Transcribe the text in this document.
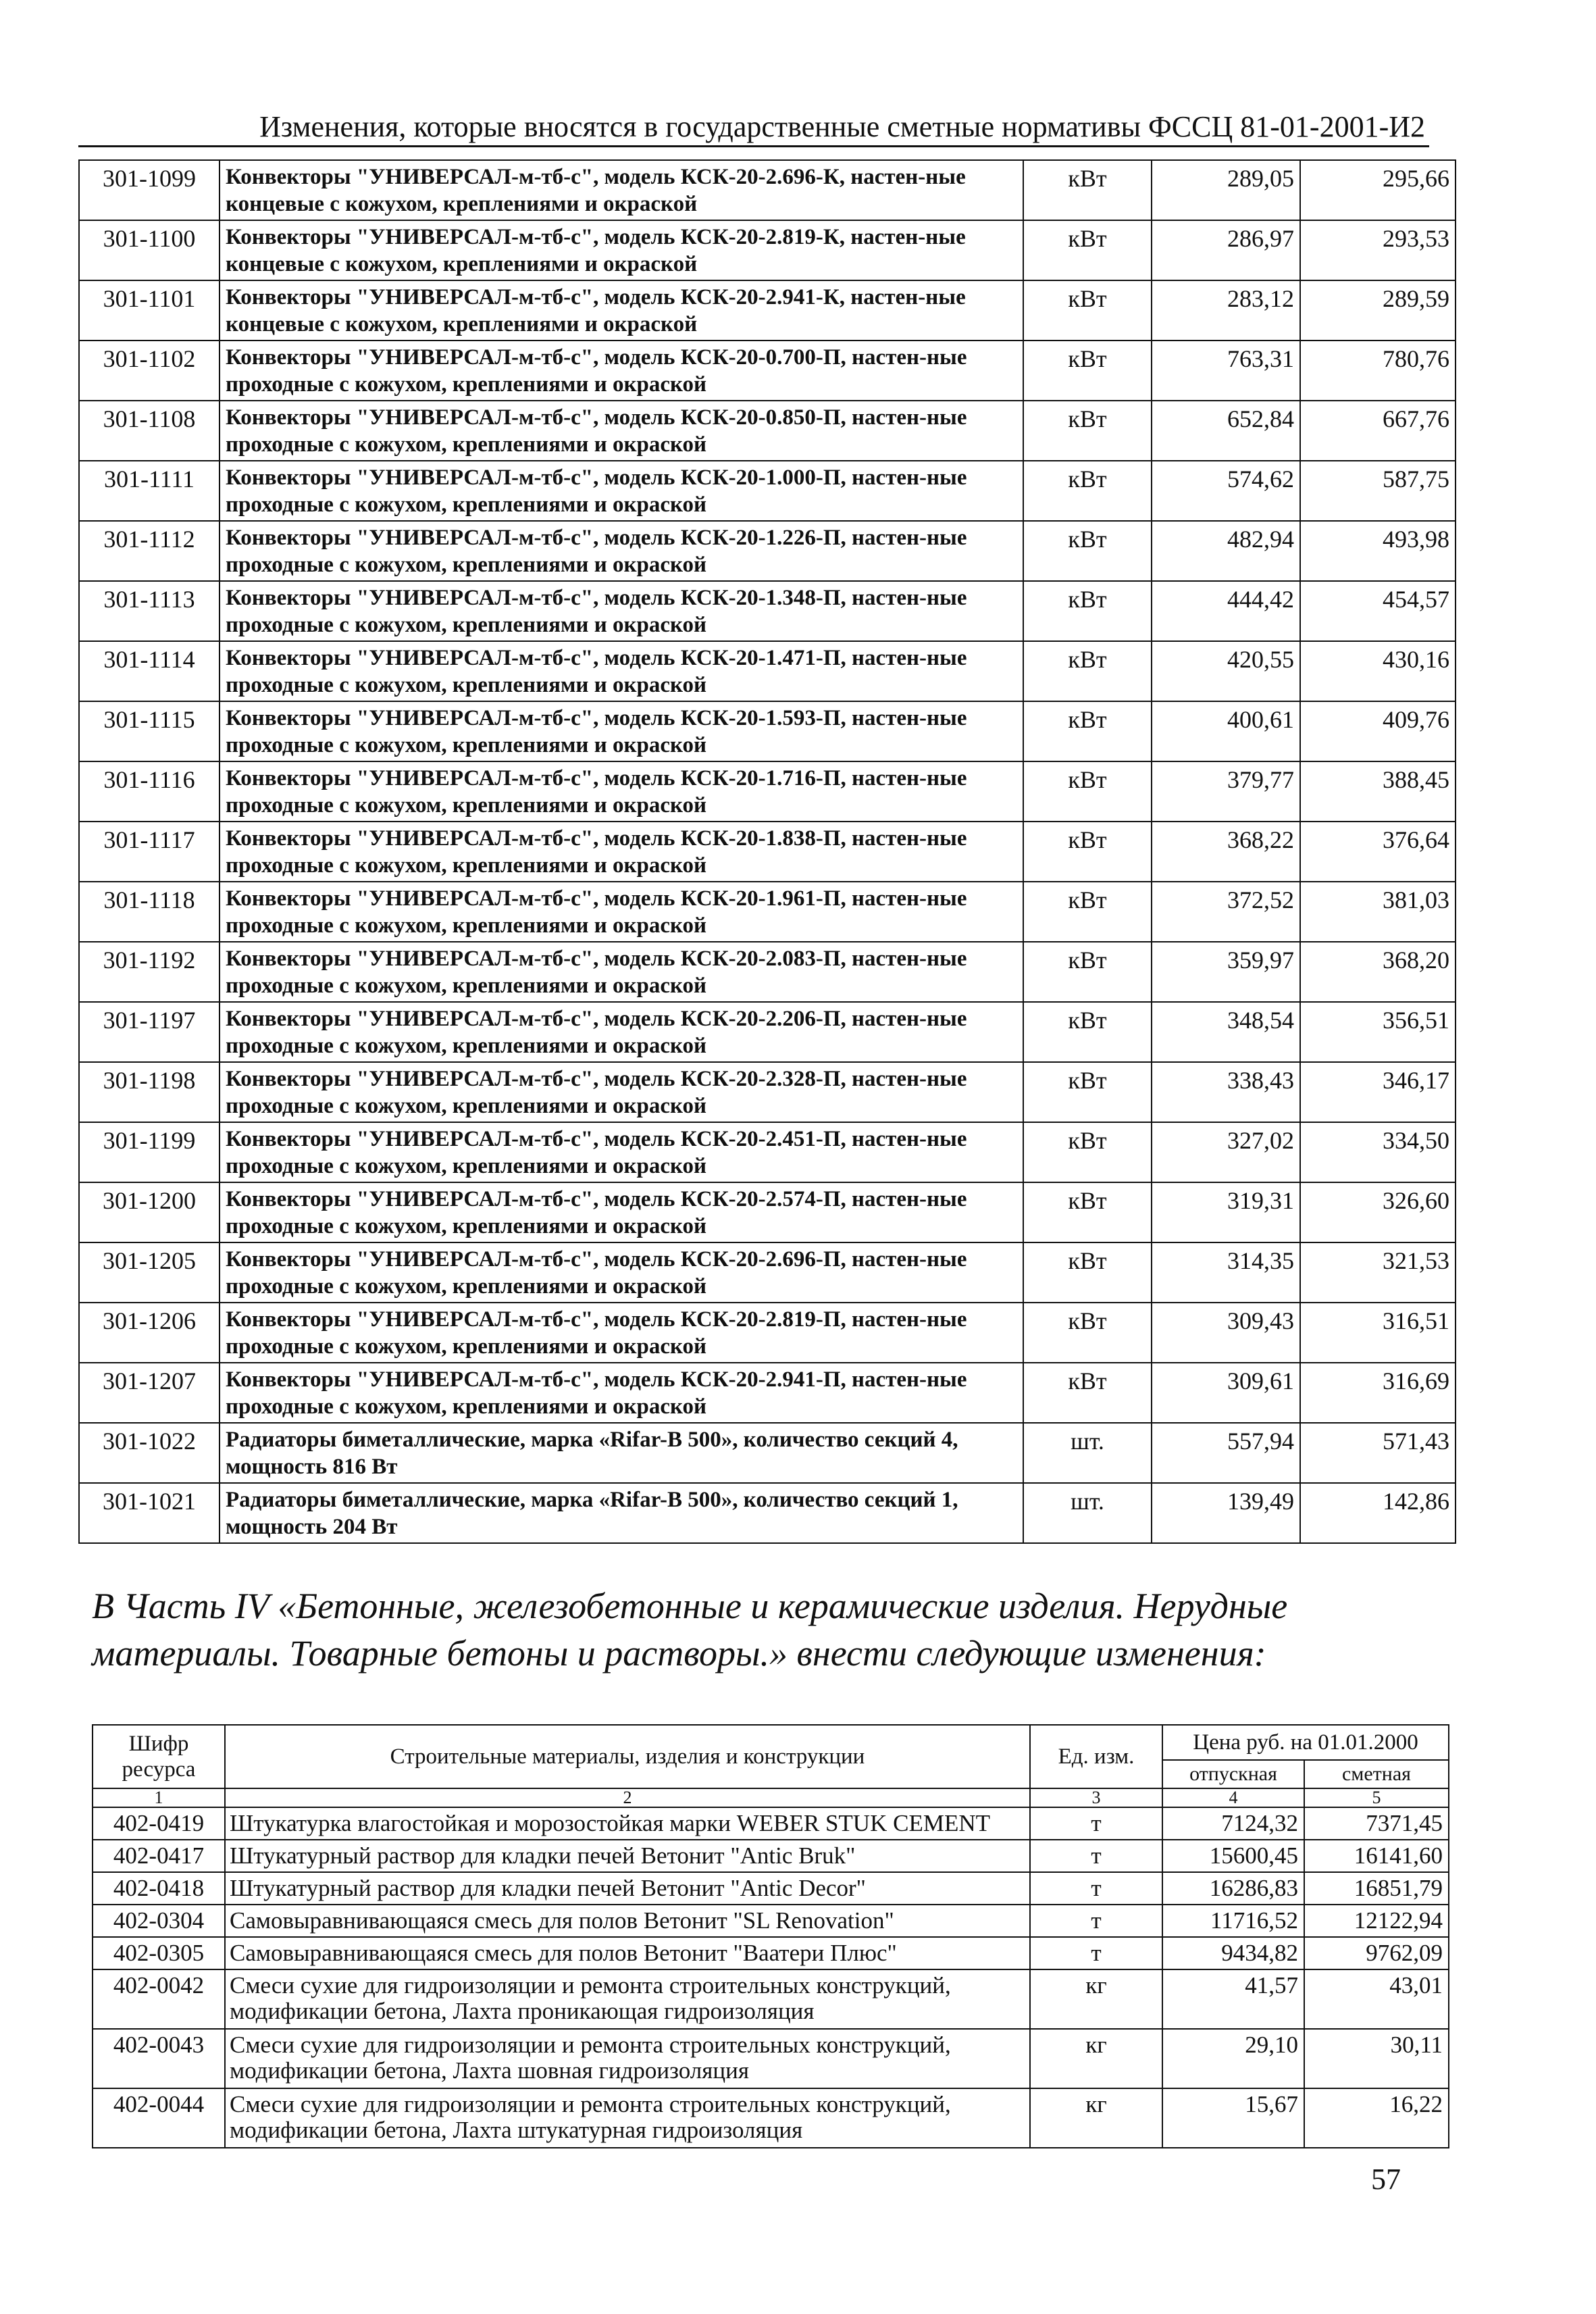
Изменения, которые вносятся в государственные сметные нормативы ФССЦ 81-01-2001-И2
301-1099	Конвекторы "УНИВЕРСАЛ-м-тб-с", модель КСК-20-2.696-К, настен-ные концевые с кожухом, креплениями и окраской	кВт	289,05	295,66
301-1100	Конвекторы "УНИВЕРСАЛ-м-тб-с", модель КСК-20-2.819-К, настен-ные концевые с кожухом, креплениями и окраской	кВт	286,97	293,53
301-1101	Конвекторы "УНИВЕРСАЛ-м-тб-с", модель КСК-20-2.941-К, настен-ные концевые с кожухом, креплениями и окраской	кВт	283,12	289,59
301-1102	Конвекторы "УНИВЕРСАЛ-м-тб-с", модель КСК-20-0.700-П, настен-ные проходные с кожухом, креплениями и окраской	кВт	763,31	780,76
301-1108	Конвекторы "УНИВЕРСАЛ-м-тб-с", модель КСК-20-0.850-П, настен-ные проходные с кожухом, креплениями и окраской	кВт	652,84	667,76
301-1111	Конвекторы "УНИВЕРСАЛ-м-тб-с", модель КСК-20-1.000-П, настен-ные проходные с кожухом, креплениями и окраской	кВт	574,62	587,75
301-1112	Конвекторы "УНИВЕРСАЛ-м-тб-с", модель КСК-20-1.226-П, настен-ные проходные с кожухом, креплениями и окраской	кВт	482,94	493,98
301-1113	Конвекторы "УНИВЕРСАЛ-м-тб-с", модель КСК-20-1.348-П, настен-ные проходные с кожухом, креплениями и окраской	кВт	444,42	454,57
301-1114	Конвекторы "УНИВЕРСАЛ-м-тб-с", модель КСК-20-1.471-П, настен-ные проходные с кожухом, креплениями и окраской	кВт	420,55	430,16
301-1115	Конвекторы "УНИВЕРСАЛ-м-тб-с", модель КСК-20-1.593-П, настен-ные проходные с кожухом, креплениями и окраской	кВт	400,61	409,76
301-1116	Конвекторы "УНИВЕРСАЛ-м-тб-с", модель КСК-20-1.716-П, настен-ные проходные с кожухом, креплениями и окраской	кВт	379,77	388,45
301-1117	Конвекторы "УНИВЕРСАЛ-м-тб-с", модель КСК-20-1.838-П, настен-ные проходные с кожухом, креплениями и окраской	кВт	368,22	376,64
301-1118	Конвекторы "УНИВЕРСАЛ-м-тб-с", модель КСК-20-1.961-П, настен-ные проходные с кожухом, креплениями и окраской	кВт	372,52	381,03
301-1192	Конвекторы "УНИВЕРСАЛ-м-тб-с", модель КСК-20-2.083-П, настен-ные проходные с кожухом, креплениями и окраской	кВт	359,97	368,20
301-1197	Конвекторы "УНИВЕРСАЛ-м-тб-с", модель КСК-20-2.206-П, настен-ные проходные с кожухом, креплениями и окраской	кВт	348,54	356,51
301-1198	Конвекторы "УНИВЕРСАЛ-м-тб-с", модель КСК-20-2.328-П, настен-ные проходные с кожухом, креплениями и окраской	кВт	338,43	346,17
301-1199	Конвекторы "УНИВЕРСАЛ-м-тб-с", модель КСК-20-2.451-П, настен-ные проходные с кожухом, креплениями и окраской	кВт	327,02	334,50
301-1200	Конвекторы "УНИВЕРСАЛ-м-тб-с", модель КСК-20-2.574-П, настен-ные проходные с кожухом, креплениями и окраской	кВт	319,31	326,60
301-1205	Конвекторы "УНИВЕРСАЛ-м-тб-с", модель КСК-20-2.696-П, настен-ные проходные с кожухом, креплениями и окраской	кВт	314,35	321,53
301-1206	Конвекторы "УНИВЕРСАЛ-м-тб-с", модель КСК-20-2.819-П, настен-ные проходные с кожухом, креплениями и окраской	кВт	309,43	316,51
301-1207	Конвекторы "УНИВЕРСАЛ-м-тб-с", модель КСК-20-2.941-П, настен-ные проходные с кожухом, креплениями и окраской	кВт	309,61	316,69
301-1022	Радиаторы биметаллические, марка «Rifar-B 500», количество секций 4, мощность 816 Вт	шт.	557,94	571,43
301-1021	Радиаторы биметаллические, марка «Rifar-B 500», количество секций 1, мощность 204 Вт	шт.	139,49	142,86
В Часть IV «Бетонные, железобетонные и керамические изделия. Нерудные материалы. Товарные бетоны и растворы.» внести следующие изменения:
Шифр ресурса	Строительные материалы, изделия и конструкции	Ед. изм.	Цена руб. на 01.01.2000	
			отпускная	сметная
1	2	3	4	5
402-0419	Штукатурка влагостойкая и морозостойкая марки WEBER STUK CEMENT	т	7124,32	7371,45
402-0417	Штукатурный раствор для кладки печей Ветонит "Antic Bruk"	т	15600,45	16141,60
402-0418	Штукатурный раствор для кладки печей Ветонит "Antic Decor"	т	16286,83	16851,79
402-0304	Самовыравнивающаяся смесь для полов Ветонит "SL Renovation"	т	11716,52	12122,94
402-0305	Самовыравнивающаяся смесь для полов Ветонит "Ваатери Плюс"	т	9434,82	9762,09
402-0042	Смеси сухие для гидроизоляции и ремонта строительных конструкций, модификации бетона, Лахта проникающая гидроизоляция	кг	41,57	43,01
402-0043	Смеси сухие для гидроизоляции и ремонта строительных конструкций, модификации бетона, Лахта шовная гидроизоляция	кг	29,10	30,11
402-0044	Смеси сухие для гидроизоляции и ремонта строительных конструкций, модификации бетона, Лахта штукатурная гидроизоляция	кг	15,67	16,22
57
